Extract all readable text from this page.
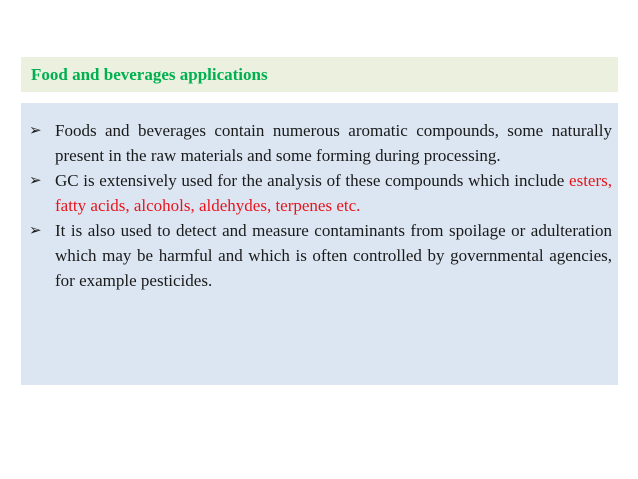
Food and beverages applications
➢ Foods and beverages contain numerous aromatic compounds, some naturally present in the raw materials and some forming during processing.
➢ GC is extensively used for the analysis of these compounds which include esters, fatty acids, alcohols, aldehydes, terpenes etc.
➢ It is also used to detect and measure contaminants from spoilage or adulteration which may be harmful and which is often controlled by governmental agencies, for example pesticides.
